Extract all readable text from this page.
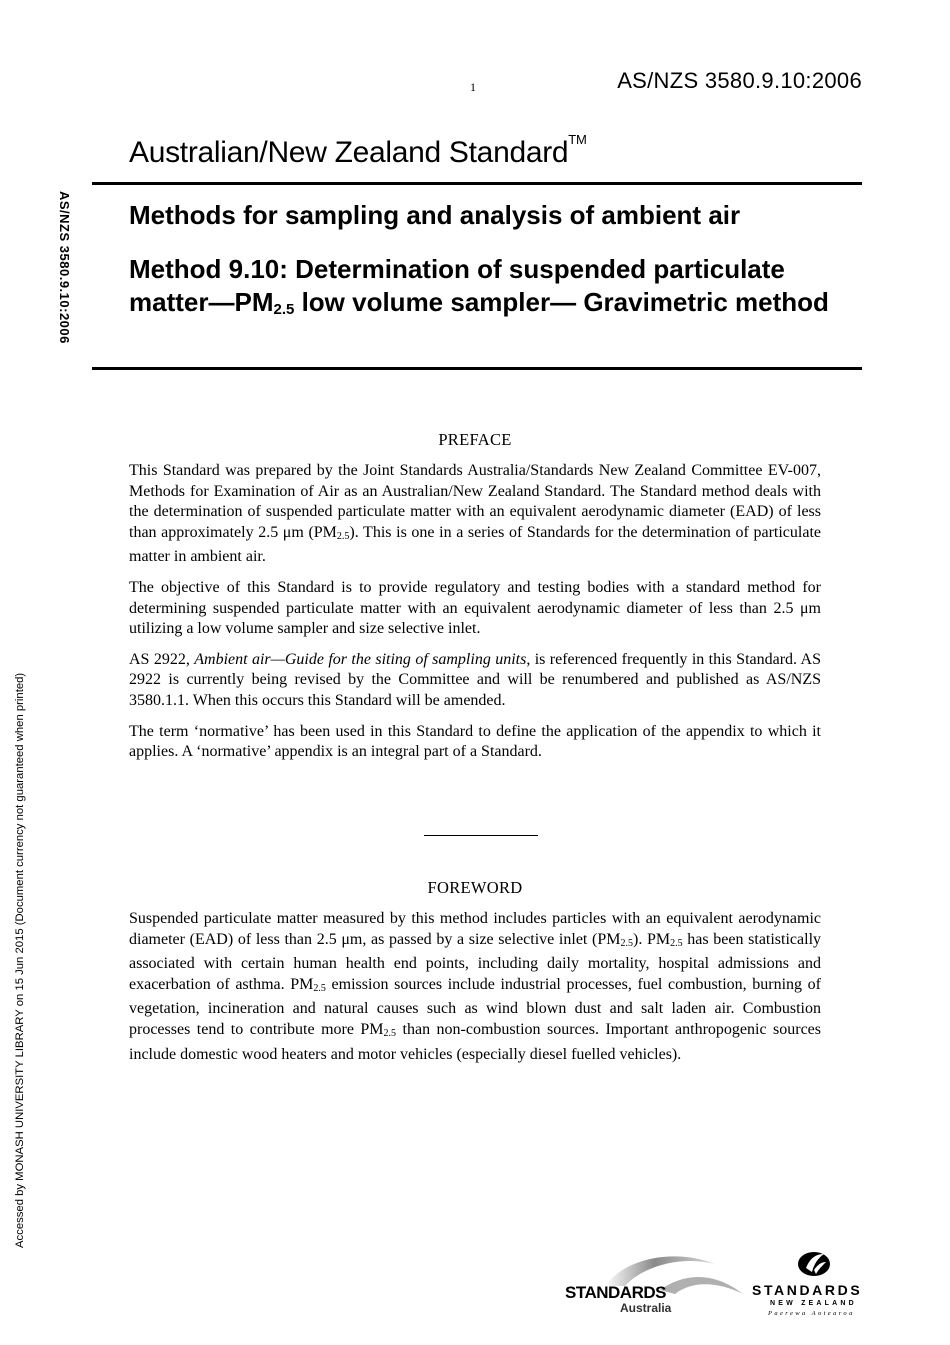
1	AS/NZS 3580.9.10:2006
Australian/New Zealand Standard™
Methods for sampling and analysis of ambient air
Method 9.10: Determination of suspended particulate $matter—PM_{2.5}$ low volume sampler— Gravimetric method
AS/NZS 3580.9.10:2006
Accessed by MONASH UNIVERSITY LIBRARY on 15 Jun 2015 (Document currency not guaranteed when printed)
PREFACE

This Standard was prepared by the Joint Standards Australia/Standards New Zealand Committee EV-007, Methods for Examination of Air as an Australian/New Zealand Standard. The Standard method deals with the determination of suspended particulate matter with an equivalent aerodynamic diameter (EAD) of less than approximately 2.5 μm $(PM_{2.5})$. This is one in a series of Standards for the determination of particulate matter in ambient air.

The objective of this Standard is to provide regulatory and testing bodies with a standard method for determining suspended particulate matter with an equivalent aerodynamic diameter of less than 2.5 μm utilizing a low volume sampler and size selective inlet.

AS 2922, Ambient air—Guide for the siting of sampling units, is referenced frequently in this Standard. AS 2922 is currently being revised by the Committee and will be renumbered and published as AS/NZS 3580.1.1. When this occurs this Standard will be amended.

The term ‘normative’ has been used in this Standard to define the application of the appendix to which it applies. A ‘normative’ appendix is an integral part of a Standard.

FOREWORD

Suspended particulate matter measured by this method includes particles with an equivalent aerodynamic diameter (EAD) of less than 2.5 μm, as passed by a size selective inlet $(PM_{2.5})$. $PM_{2.5}$ has been statistically associated with certain human health end points, including daily mortality, hospital admissions and exacerbation of asthma. $PM_{2.5}$ emission sources include industrial processes, fuel combustion, burning of vegetation, incineration and natural causes such as wind blown dust and salt laden air. Combustion processes tend to contribute more $PM_{2.5}$ than non-combustion sources. Important anthropogenic sources include domestic wood heaters and motor vehicles (especially diesel fuelled vehicles).

STANDARDS
Australia
STANDARDS
NEW ZEALAND
Paerewa Aotearoa
